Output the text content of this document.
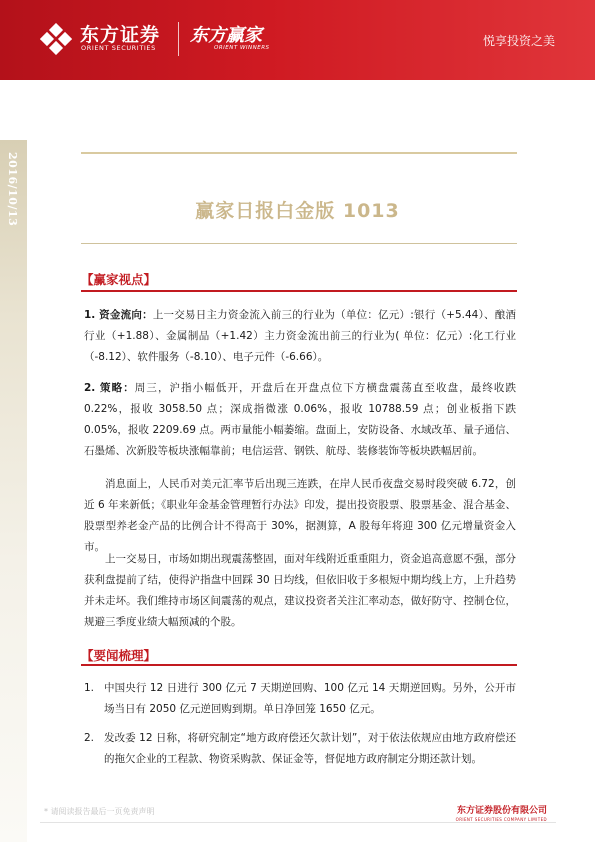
东方证券
ORIENT SECURITIES
东方赢家
ORIENT WINNERS	悦享投资之美
2016/10/13	赢家日报白金版 1013
【赢家视点】
1. 资金流向：上一交易日主力资金流入前三的行业为（单位：亿元）:银行（+5.44）、酿酒行业（+1.88）、金属制品（+1.42）主力资金流出前三的行业为( 单位：亿元）:化工行业（-8.12）、软件服务（-8.10）、电子元件（-6.66）。
2. 策略：周三，沪指小幅低开，开盘后在开盘点位下方横盘震荡直至收盘，最终收跌 0.22%，报收 3058.50 点；深成指微涨 0.06%，报收 10788.59 点；创业板指下跌 0.05%，报收 2209.69 点。两市量能小幅萎缩。盘面上，安防设备、水域改革、量子通信、石墨烯、次新股等板块涨幅靠前；电信运营、钢铁、航母、装修装饰等板块跌幅居前。
消息面上，人民币对美元汇率节后出现三连跌，在岸人民币夜盘交易时段突破 6.72，创近 6 年来新低；《职业年金基金管理暂行办法》印发，提出投资股票、股票基金、混合基金、股票型养老金产品的比例合计不得高于 30%，据测算，A 股每年将迎 300 亿元增量资金入市。
上一交易日，市场如期出现震荡整固，面对年线附近重重阻力，资金追高意愿不强，部分获利盘提前了结，使得沪指盘中回踩 30 日均线，但依旧收于多根短中期均线上方，上升趋势并未走坏。我们维持市场区间震荡的观点，建议投资者关注汇率动态，做好防守、控制仓位，规避三季度业绩大幅预减的个股。
【要闻梳理】
1. 中国央行 12 日进行 300 亿元 7 天期逆回购、100 亿元 14 天期逆回购。另外，公开市场当日有 2050 亿元逆回购到期。单日净回笼 1650 亿元。
2. 发改委 12 日称，将研究制定“地方政府偿还欠款计划”，对于依法依规应由地方政府偿还的拖欠企业的工程款、物资采购款、保证金等，督促地方政府制定分期还款计划。
* 请阅读报告最后一页免责声明	东方证券股份有限公司
ORIENT SECURITIES COMPANY LIMITED
